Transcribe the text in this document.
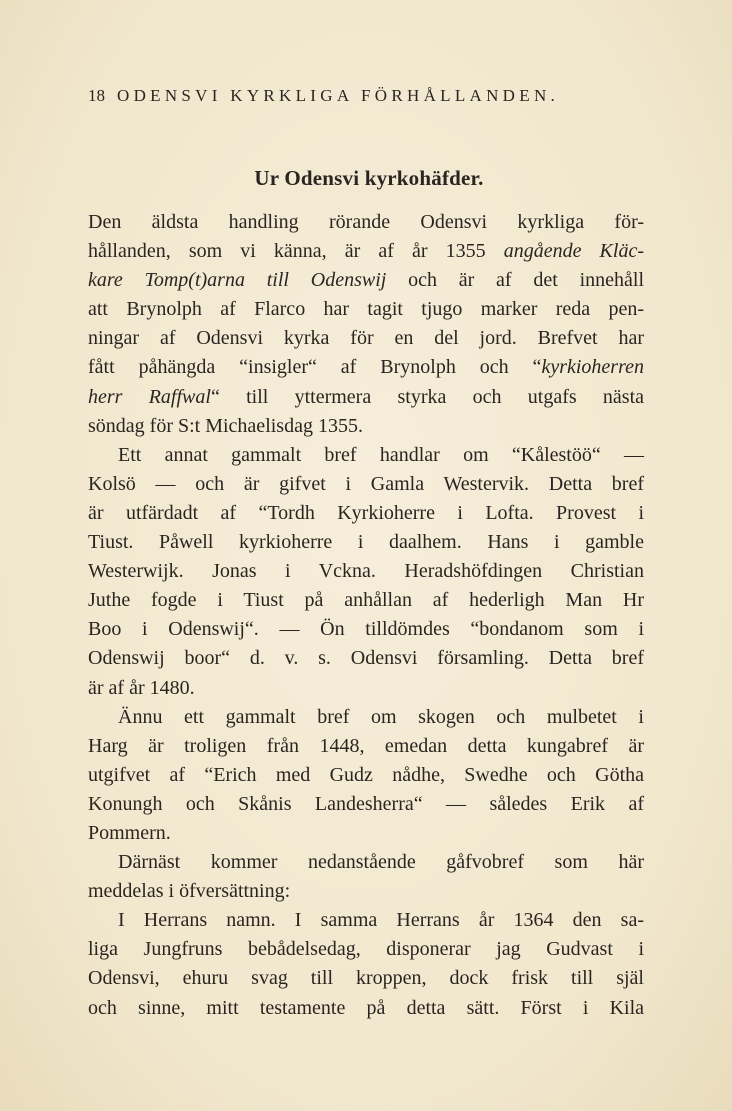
18 ODENSVI KYRKLIGA FÖRHÅLLANDEN.
Ur Odensvi kyrkohäfder.
Den äldsta handling rörande Odensvi kyrkliga för-
hållanden, som vi känna, är af år 1355 angående Kläc-
kare Tomp(t)arna till Odenswij och är af det innehåll
att Brynolph af Flarco har tagit tjugo marker reda pen-
ningar af Odensvi kyrka för en del jord. Brefvet har
fått påhängda “insigler“ af Brynolph och “kyrkioherren
herr Raffwal“ till yttermera styrka och utgafs nästa
söndag för S:t Michaelisdag 1355.
Ett annat gammalt bref handlar om “Kålestöö“ —
Kolsö — och är gifvet i Gamla Westervik. Detta bref
är utfärdadt af “Tordh Kyrkioherre i Lofta. Provest i
Tiust. Påwell kyrkioherre i daalhem. Hans i gamble
Westerwijk. Jonas i Vckna. Heradshöfdingen Christian
Juthe fogde i Tiust på anhållan af hederligh Man Hr
Boo i Odenswij“. — Ön tilldömdes “bondanom som i
Odenswij boor“ d. v. s. Odensvi församling. Detta bref
är af år 1480.
Ännu ett gammalt bref om skogen och mulbetet i
Harg är troligen från 1448, emedan detta kungabref är
utgifvet af “Erich med Gudz nådhe, Swedhe och Götha
Konungh och Skånis Landesherra“ — således Erik af
Pommern.
Därnäst kommer nedanstående gåfvobref som här
meddelas i öfversättning:
I Herrans namn. I samma Herrans år 1364 den sa-
liga Jungfruns bebådelsedag, disponerar jag Gudvast i
Odensvi, ehuru svag till kroppen, dock frisk till själ
och sinne, mitt testamente på detta sätt. Först i Kila
